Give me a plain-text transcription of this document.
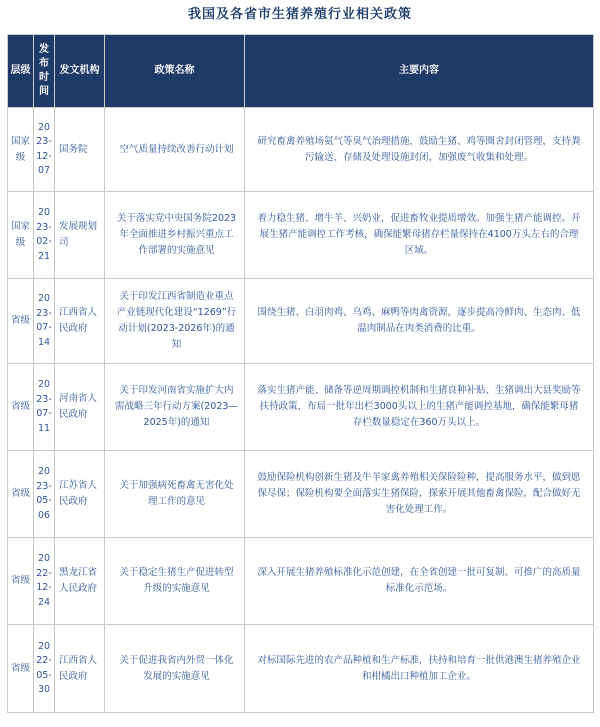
我国及各省市生猪养殖行业相关政策
层级	发布时间	发文机构	政策名称	主要内容
国家级	2023-12-07	国务院	空气质量持续改善行动计划	研究畜禽养殖场氨气等臭气治理措施，鼓励生猪、鸡等圈舍封闭管理，支持粪污输送、存储及处理设施封闭，加强废气收集和处理。
国家级	2023-02-21	发展规划司	关于落实党中央国务院2023年全面推进乡村振兴重点工作部署的实施意见	着力稳生猪、增牛羊、兴奶业，促进畜牧业提质增效。加强生猪产能调控。开展生猪产能调控工作考核，确保能繁母猪存栏量保持在4100万头左右的合理区域。
省级	2023-07-14	江西省人民政府	关于印发江西省制造业重点产业链现代化建设“1269”行动计划(2023-2026年)的通知	围绕生猪、白羽肉鸡、乌鸡、麻鸭等肉禽资源，逐步提高冷鲜肉、生态肉、低温肉制品在肉类消费的比重。
省级	2023-07-11	河南省人民政府	关于印发河南省实施扩大内需战略三年行动方案(2023—2025年)的通知	落实生猪产能、储备等逆周期调控机制和生猪良种补贴、生猪调出大县奖励等扶持政策，布局一批年出栏3000头以上的生猪产能调控基地，确保能繁母猪存栏数量稳定在360万头以上。
省级	2023-05-06	江苏省人民政府	关于加强病死畜禽无害化处理工作的意见	鼓励保险机构创新生猪及牛羊家禽养殖相关保险险种，提高服务水平，做到愿保尽保；保险机构要全面落实生猪保险，探索开展其他畜禽保险，配合做好无害化处理工作。
省级	2022-12-24	黑龙江省人民政府	关于稳定生猪生产促进转型升级的实施意见	深入开展生猪养殖标准化示范创建，在全省创建一批可复制、可推广的高质量标准化示范场。
省级	2022-05-30	江西省人民政府	关于促进我省内外贸一体化发展的实施意见	对标国际先进的农产品种植和生产标准，扶持和培育一批供港澳生猪养殖企业和柑橘出口种植加工企业。
